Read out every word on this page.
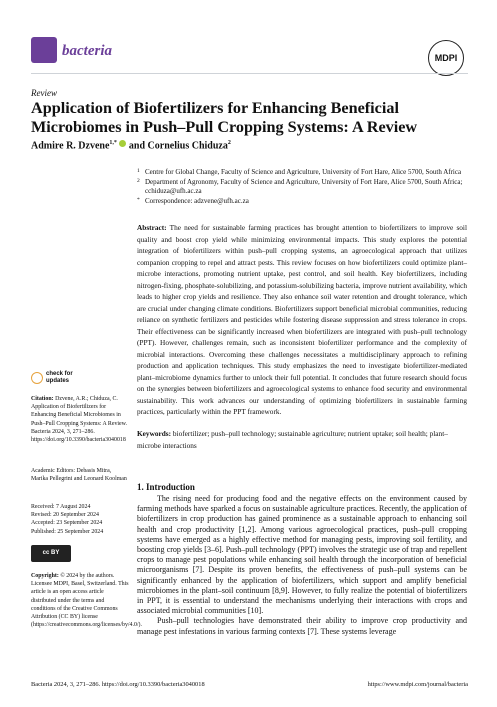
bacteria	MDPI
Review
Application of Biofertilizers for Enhancing Beneficial Microbiomes in Push–Pull Cropping Systems: A Review
Admire R. Dzvene$^{1,*}$  and Cornelius Chiduza$^2$
1 Centre for Global Change, Faculty of Science and Agriculture, University of Fort Hare, Alice 5700, South Africa
2 Department of Agronomy, Faculty of Science and Agriculture, University of Fort Hare, Alice 5700, South Africa; cchiduza@ufh.ac.za
* Correspondence: adzvene@ufh.ac.za
Abstract: The need for sustainable farming practices has brought attention to biofertilizers to improve soil quality and boost crop yield while minimizing environmental impacts. This study explores the potential integration of biofertilizers within push–pull cropping systems, an agroecological approach that utilizes companion cropping to repel and attract pests. This review focuses on how biofertilizers could optimize plant–microbe interactions, promoting nutrient uptake, pest control, and soil health. Key biofertilizers, including nitrogen-fixing, phosphate-solubilizing, and potassium-solubilizing bacteria, improve nutrient availability, which leads to higher crop yields and resilience. They also enhance soil water retention and drought tolerance, which are crucial under changing climate conditions. Biofertilizers support beneficial microbial communities, reducing reliance on synthetic fertilizers and pesticides while fostering disease suppression and stress tolerance in crops. Their effectiveness can be significantly increased when biofertilizers are integrated with push–pull technology (PPT). However, challenges remain, such as inconsistent biofertilizer performance and the complexity of microbial interactions. Overcoming these challenges necessitates a multidisciplinary approach to refining production and application techniques. This study emphasizes the need to investigate biofertilizer-mediated plant–microbiome dynamics further to unlock their full potential. It concludes that future research should focus on the synergies between biofertilizers and agroecological systems to enhance food security and environmental sustainability. This work advances our understanding of optimizing biofertilizers in sustainable farming practices, particularly within the PPT framework.
Keywords: biofertilizer; push–pull technology; sustainable agriculture; nutrient uptake; soil health; plant–microbe interactions
check for
updates
Citation: Dzvene, A.R.; Chiduza, C. Application of Biofertilizers for Enhancing Beneficial Microbiomes in Push–Pull Cropping Systems: A Review. Bacteria 2024, 3, 271–286. https://doi.org/10.3390/bacteria3040018
Academic Editors: Debasis Mitra, Marika Pellegrini and Leonard Koolman
Received: 7 August 2024
Revised: 20 September 2024
Accepted: 23 September 2024
Published: 25 September 2024
cc BY
Copyright: © 2024 by the authors. Licensee MDPI, Basel, Switzerland. This article is an open access article distributed under the terms and conditions of the Creative Commons Attribution (CC BY) license (https://creativecommons.org/licenses/by/4.0/).
1. Introduction

The rising need for producing food and the negative effects on the environment caused by farming methods have sparked a focus on sustainable agriculture practices. Recently, the application of biofertilizers in crop production has gained prominence as a sustainable approach to enhancing soil health and crop productivity [1,2]. Among various agroecological practices, push–pull cropping systems have emerged as a highly effective method for managing pests, improving soil fertility, and boosting crop yields [3–6]. Push–pull technology (PPT) involves the strategic use of trap and repellent crops to manage pest populations while enhancing soil health through the incorporation of beneficial microorganisms [7]. Despite its proven benefits, the effectiveness of push–pull systems can be significantly enhanced by the application of biofertilizers, which support and amplify beneficial microbiomes in the plant–soil continuum [8,9]. However, to fully realize the potential of biofertilizers in PPT, it is essential to understand the mechanisms underlying their interactions with crops and associated microbial communities [10].

Push–pull technologies have demonstrated their ability to improve crop productivity and manage pest infestations in various farming contexts [7]. These systems leverage

Bacteria 2024, 3, 271–286. https://doi.org/10.3390/bacteria3040018	https://www.mdpi.com/journal/bacteria
